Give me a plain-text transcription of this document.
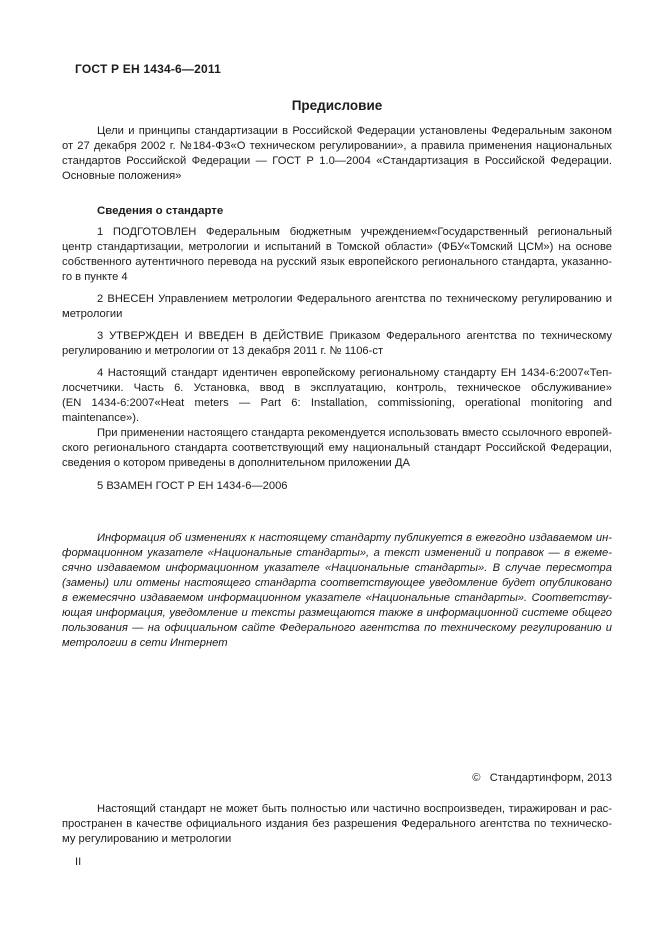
ГОСТ Р ЕН 1434-6—2011
Предисловие
Цели и принципы стандартизации в Российской Федерации установлены Федеральным законом
от 27 декабря 2002 г. №184-ФЗ«О техническом регулировании», а правила применения национальных
стандартов Российской Федерации — ГОСТ Р 1.0—2004 «Стандартизация в Российской Федерации.
Основные положения»
Сведения о стандарте
1 ПОДГОТОВЛЕН Федеральным бюджетным учреждением«Государственный региональный
центр стандартизации, метрологии и испытаний в Томской области» (ФБУ«Томский ЦСМ») на основе
собственного аутентичного перевода на русский язык европейского регионального стандарта, указанно-
го в пункте 4
2 ВНЕСЕН Управлением метрологии Федерального агентства по техническому регулированию и
метрологии
3 УТВЕРЖДЕН И ВВЕДЕН В ДЕЙСТВИЕ Приказом Федерального агентства по техническому
регулированию и метрологии от 13 декабря 2011 г. № 1106-ст
4 Настоящий стандарт идентичен европейскому региональному стандарту ЕН 1434-6:2007«Теп-
лосчетчики. Часть 6. Установка, ввод в эксплуатацию, контроль, техническое обслуживание»
(EN 1434-6:2007«Heat meters — Part 6: Installation, commissioning, operational monitoring and
maintenance»).
При применении настоящего стандарта рекомендуется использовать вместо ссылочного европей-
ского регионального стандарта соответствующий ему национальный стандарт Российской Федерации,
сведения о котором приведены в дополнительном приложении ДА
5 ВЗАМЕН ГОСТ Р ЕН 1434-6—2006
Информация об изменениях к настоящему стандарту публикуется в ежегодно издаваемом ин-
формационном указателе «Национальные стандарты», а текст изменений и поправок — в ежеме-
сячно издаваемом информационном указателе «Национальные стандарты». В случае пересмотра
(замены) или отмены настоящего стандарта соответствующее уведомление будет опубликовано
в ежемесячно издаваемом информационном указателе «Национальные стандарты». Соответству-
ющая информация, уведомление и тексты размещаются также в информационной системе общего
пользования — на официальном сайте Федерального агентства по техническому регулированию и
метрологии в сети Интернет
©   Стандартинформ, 2013
Настоящий стандарт не может быть полностью или частично воспроизведен, тиражирован и рас-
пространен в качестве официального издания без разрешения Федерального агентства по техническо-
му регулированию и метрологии
II
